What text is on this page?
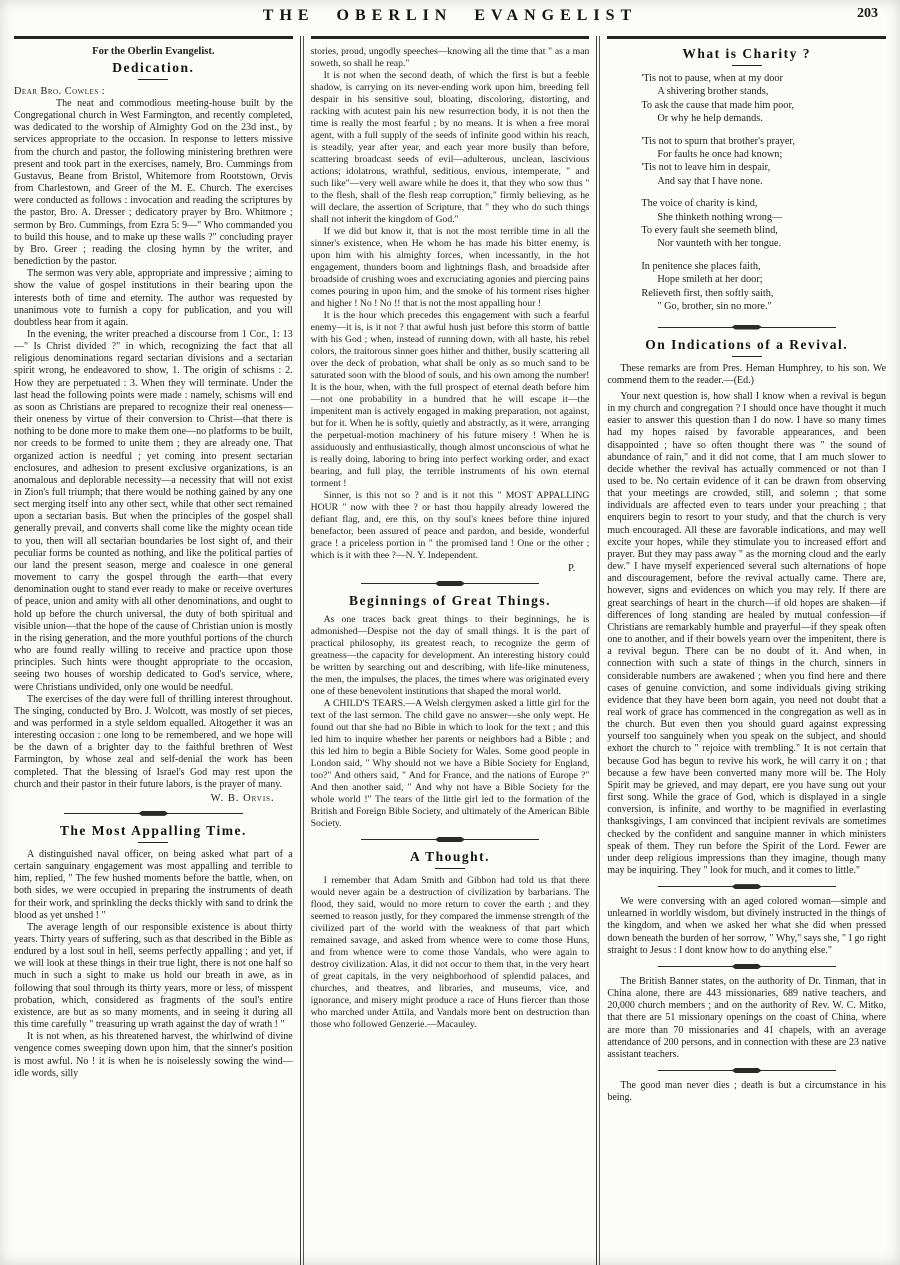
THE OBERLIN EVANGELIST	203
For the Oberlin Evangelist.
Dedication.
Dear Bro. Cowles :

The neat and commodious meeting-house built by the Congregational church in West Farmington, and recently completed, was dedicated to the worship of Almighty God on the 23d inst., by services appropriate to the occasion. In response to letters missive from the church and pastor, the following ministering brethren were present and took part in the exercises, namely, Bro. Cummings from Gustavus, Beane from Bristol, Whitemore from Rootstown, Orvis from Charlestown, and Greer of the M. E. Church. The exercises were conducted as follows : invocation and reading the scriptures by the pastor, Bro. A. Dresser ; dedicatory prayer by Bro. Whitmore ; sermon by Bro. Cummings, from Ezra 5: 9—" Who commanded you to build this house, and to make up these walls ?" concluding prayer by Bro. Greer ; reading the closing hymn by the writer, and benediction by the pastor.

The sermon was very able, appropriate and impressive ; aiming to show the value of gospel institutions in their bearing upon the interests both of time and eternity. The author was requested by unanimous vote to furnish a copy for publication, and you will doubtless hear from it again.

In the evening, the writer preached a discourse from 1 Cor., 1: 13—" Is Christ divided ?" in which, recognizing the fact that all religious denominations regard sectarian divisions and a sectarian spirit wrong, he endeavored to show, 1. The origin of schisms : 2. How they are perpetuated : 3. When they will terminate. Under the last head the following points were made : namely, schisms will end as soon as Christians are prepared to recognize their real oneness—their oneness by virtue of their conversion to Christ—that there is nothing to be done more to make them one—no platforms to be built, nor creeds to be formed to unite them ; they are already one. That organized action is needful ; yet coming into present sectarian enclosures, and adhesion to present exclusive organizations, is an anomalous and deplorable necessity—a necessity that will not exist in Zion's full triumph; that there would be nothing gained by any one sect merging itself into any other sect, while that other sect remained upon a sectarian basis. But when the principles of the gospel shall generally prevail, and converts shall come like the mighty ocean tide to you, then will all sectarian boundaries be lost sight of, and their peculiar forms be counted as nothing, and like the political parties of our land the present season, merge and coalesce in one general movement to carry the gospel through the earth—that every denomination ought to stand ever ready to make or receive overtures of peace, union and amity with all other denominations, and ought to hold up before the church universal, the duty of both spiritual and visible union—that the hope of the cause of Christian union is mostly in the rising generation, and the more youthful portions of the church who are found really willing to receive and practice upon those principles. Such hints were thought appropriate to the occasion, seeing two houses of worship dedicated to God's service, where, were Christians undivided, only one would be needful.

The exercises of the day were full of thrilling interest throughout. The singing, conducted by Bro. J. Wolcott, was mostly of set pieces, and was performed in a style seldom equalled. Altogether it was an interesting occasion : one long to be remembered, and we hope will be the dawn of a brighter day to the faithful brethren of West Farmington, by whose zeal and self-denial the work has been completed. That the blessing of Israel's God may rest upon the church and their pastor in their future labors, is the prayer of many.

W. B. Orvis.
The Most Appalling Time.

A distinguished naval officer, on being asked what part of a certain sanguinary engagement was most appalling and terrible to him, replied, " The few hushed moments before the battle, when, on both sides, we were occupied in preparing the instruments of death for their work, and sprinkling the decks thickly with sand to drink the blood as yet unshed ! "

The average length of our responsible existence is about thirty years. Thirty years of suffering, such as that described in the Bible as endured by a lost soul in hell, seems perfectly appalling ; and yet, if we will look at these things in their true light, there is not one half so much in such a sight to make us hold our breath in awe, as in following that soul through its thirty years, more or less, of misspent probation, which, considered as fragments of the soul's entire existence, are but as so many moments, and in seeing it during all this time carefully " treasuring up wrath against the day of wrath ! "

It is not when, as his threatened harvest, the whirlwind of divine vengence comes sweeping down upon him, that the sinner's position is most awful. No ! it is when he is noiselessly sowing the wind—idle words, silly

stories, proud, ungodly speeches—knowing all the time that " as a man soweth, so shall he reap."

It is not when the second death, of which the first is but a feeble shadow, is carrying on its never-ending work upon him, breeding fell despair in his sensitive soul, bloating, discoloring, distorting, and racking with acutest pain his new resurrection body, it is not then the time is really the most fearful ; by no means. It is when a free moral agent, with a full supply of the seeds of infinite good within his reach, is steadily, year after year, and each year more busily than before, scattering broadcast seeds of evil—adulterous, unclean, lascivious actions; idolatrous, wrathful, seditious, envious, intemperate, " and such like"—very well aware while he does it, that they who sow thus " to the flesh, shall of the flesh reap corruption," firmly believing, as he will declare, the assertion of Scripture, that " they who do such things shall not inherit the kingdom of God."

If we did but know it, that is not the most terrible time in all the sinner's existence, when He whom he has made his bitter enemy, is upon him with his almighty forces, when incessantly, in the hot engagement, thunders boom and lightnings flash, and broadside after broadside of crushing woes and excruciating agonies and piercing pains comes pouring in upon him, and the smoke of his torment rises higher and higher ! No ! No !! that is not the most appalling hour !

It is the hour which precedes this engagement with such a fearful enemy—it is, is it not ? that awful hush just before this storm of battle with his God ; when, instead of running down, with all haste, his rebel colors, the traitorous sinner goes hither and thither, busily scattering all over the deck of probation, what shall be only as so much sand to be saturated soon with the blood of souls, and his own among the number! It is the hour, when, with the full prospect of eternal death before him—not one probability in a hundred that he will escape it—the impenitent man is actively engaged in making preparation, not against, but for it. When he is softly, quietly and abstractly, as it were, arranging the perpetual-motion machinery of his future misery ! When he is assiduously and enthusiastically, though almost unconscious of what he is really doing, laboring to bring into perfect working order, and exact bearing, and full play, the terrible instruments of his own eternal torment !

Sinner, is this not so ? and is it not this " MOST APPALLING HOUR " now with thee ? or hast thou happily already lowered the defiant flag, and, ere this, on thy soul's knees before thine injured benefactor, been assured of peace and pardon, and beside, wonderful grace ! a priceless portion in " the promised land ! One or the other ; which is it with thee ?—N. Y. Independent.

P.
Beginnings of Great Things.

As one traces back great things to their beginnings, he is admonished—Despise not the day of small things. It is the part of practical philosophy, its greatest reach, to recognize the germ of greatness—the capacity for development. An interesting history could be written by searching out and describing, with life-like minuteness, the men, the impulses, the places, the times where was originated every one of these benevolent institutions that shaped the moral world.

A CHILD'S TEARS.—A Welsh clergymen asked a little girl for the text of the last sermon. The child gave no answer—she only wept. He found out that she had no Bible in which to look for the text ; and this led him to inquire whether her parents or neighbors had a Bible ; and this led him to begin a Bible Society for Wales. Some good people in London said, " Why should not we have a Bible Society for England, too?" And others said, " And for France, and the nations of Europe ?" And then another said, " And why not have a Bible Society for the whole world !" The tears of the little girl led to the formation of the British and Foreign Bible Society, and ultimately of the American Bible Society.

A Thought.

I remember that Adam Smith and Gibbon had told us that there would never again be a destruction of civilization by barbarians. The flood, they said, would no more return to cover the earth ; and they seemed to reason justly, for they compared the immense strength of the civilized part of the world with the weakness of that part which remained savage, and asked from whence were to come those Huns, and from whence were to come those Vandals, who were again to destroy civilization. Alas, it did not occur to them that, in the very heart of great capitals, in the very neighborhood of splendid palaces, and churches, and theatres, and libraries, and museums, vice, and ignorance, and misery might produce a race of Huns fiercer than those who marched under Attila, and Vandals more bent on destruction than those who followed Genzerie.—Macauley.

What is Charity ?
'Tis not to pause, when at my door
A shivering brother stands,
To ask the cause that made him poor,
Or why he help demands.
'Tis not to spurn that brother's prayer,
For faults he once had known;
'Tis not to leave him in despair,
And say that I have none.
The voice of charity is kind,
She thinketh nothing wrong—
To every fault she seemeth blind,
Nor vaunteth with her tongue.
In penitence she places faith,
Hope smileth at her door;
Relieveth first, then softly saith,
" Go, brother, sin no more."
On Indications of a Revival.

These remarks are from Pres. Heman Humphrey, to his son. We commend them to the reader.—(Ed.)

Your next question is, how shall I know when a revival is begun in my church and congregation ? I should once have thought it much easier to answer this question than I do now. I have so many times had my hopes raised by favorable appearances, and been disappointed ; have so often thought there was " the sound of abundance of rain," and it did not come, that I am much slower to decide whether the revival has actually commenced or not than I used to be. No certain evidence of it can be drawn from observing that your meetings are crowded, still, and solemn ; that some individuals are affected even to tears under your preaching ; that enquirers begin to resort to your study, and that the church is very much encouraged. All these are favorable indications, and may well excite your hopes, while they stimulate you to increased effort and prayer. But they may pass away " as the morning cloud and the early dew." I have myself experienced several such alternations of hope and discouragement, before the revival actually came. There are, however, signs and evidences on which you may rely. If there are great searchings of heart in the church—if old hopes are shaken—if differences of long standing are healed by mutual confession—if Christians are remarkably humble and prayerful—if they speak often one to another, and if their bowels yearn over the impenitent, there is a revival begun. There can be no doubt of it. And when, in connection with such a state of things in the church, sinners in considerable numbers are awakened ; when you find here and there cases of genuine conviction, and some individuals giving striking evidence that they have been born again, you need not doubt that a real work of grace has commenced in the congregation as well as in the church. But even then you should guard against expressing yourself too sanguinely when you speak on the subject, and should exhort the church to " rejoice with trembling." It is not certain that because God has begun to revive his work, he will carry it on ; that because a few have been converted many more will be. The Holy Spirit may be grieved, and may depart, ere you have sung out your first song. While the grace of God, which is displayed in a single conversion, is infinite, and worthy to be magnified in everlasting thanksgivings, I am convinced that incipient revivals are sometimes checked by the confident and sanguine manner in which ministers speak of them. They run before the Spirit of the Lord. Fewer are under deep religious impressions than they imagine, though many may be inquiring. They " look for much, and it comes to little."

We were conversing with an aged colored woman—simple and unlearned in worldly wisdom, but divinely instructed in the things of the kingdom, and when we asked her what she did when pressed down beneath the burden of her sorrow, " Why," says she, " I go right straight to Jesus : I dont know how to do anything else."

The British Banner states, on the authority of Dr. Tinman, that in China alone, there are 443 missionaries, 689 native teachers, and 20,000 church members ; and on the authority of Rev. W. C. Mitko, that there are 51 missionary openings on the coast of China, where are more than 70 missionaries and 41 chapels, with an average attendance of 200 persons, and in connection with these are 23 native assistant teachers.

The good man never dies ; death is but a circumstance in his being.
